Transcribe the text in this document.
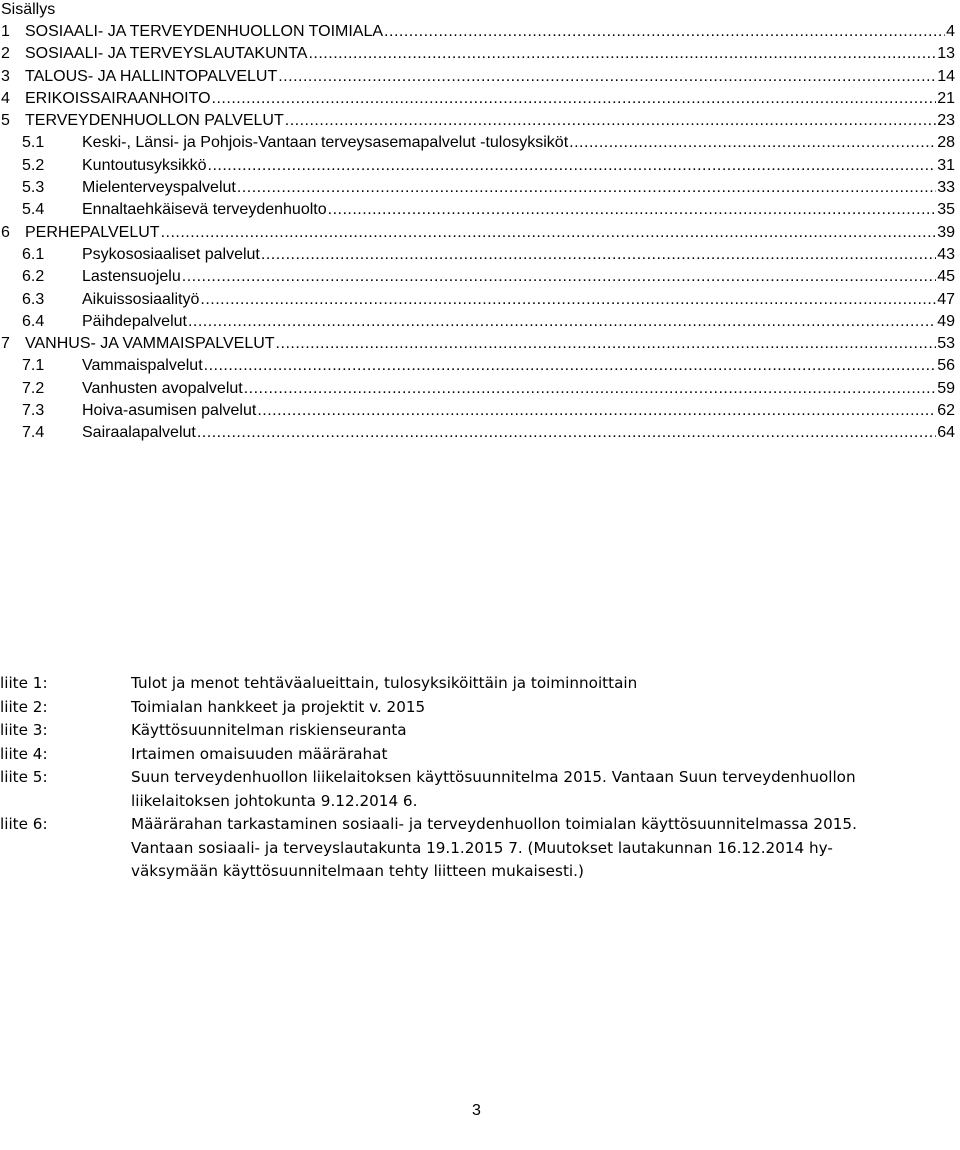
Sisällys
1 SOSIAALI- JA TERVEYDENHUOLLON TOIMIALA .....	4
2 SOSIAALI- JA TERVEYSLAUTAKUNTA .....	13
3 TALOUS- JA HALLINTOPALVELUT .....	14
4 ERIKOISSAIRAANHOITO .....	21
5 TERVEYDENHUOLLON PALVELUT .....	23
5.1	Keski-, Länsi- ja Pohjois-Vantaan terveysasemapalvelut -tulosyksiköt .....	28
5.2	Kuntoutusyksikkö .....	31
5.3	Mielenterveyspalvelut .....	33
5.4	Ennaltaehkäisevä terveydenhuolto .....	35
6 PERHEPALVELUT .....	39
6.1	Psykososiaaliset palvelut .....	43
6.2	Lastensuojelu .....	45
6.3	Aikuissosiaalityö .....	47
6.4	Päihdepalvelut .....	49
7 VANHUS- JA VAMMAISPALVELUT .....	53
7.1	Vammaispalvelut .....	56
7.2	Vanhusten avopalvelut .....	59
7.3	Hoiva-asumisen palvelut .....	62
7.4	Sairaalapalvelut .....	64
liite 1:	Tulot ja menot tehtäväalueittain, tulosyksiköittäin ja toiminnoittain
liite 2:	Toimialan hankkeet ja projektit v. 2015
liite 3:	Käyttösuunnitelman riskienseuranta
liite 4:	Irtaimen omaisuuden määrärahat
liite 5:	Suun terveydenhuollon liikelaitoksen käyttösuunnitelma 2015. Vantaan Suun terveydenhuollon
liikelaitoksen johtokunta 9.12.2014 6.
liite 6:	Määrärahan tarkastaminen sosiaali- ja terveydenhuollon toimialan käyttösuunnitelmassa 2015.
Vantaan sosiaali- ja terveyslautakunta 19.1.2015 7. (Muutokset lautakunnan 16.12.2014 hy-
väksymään käyttösuunnitelmaan tehty liitteen mukaisesti.)
3
